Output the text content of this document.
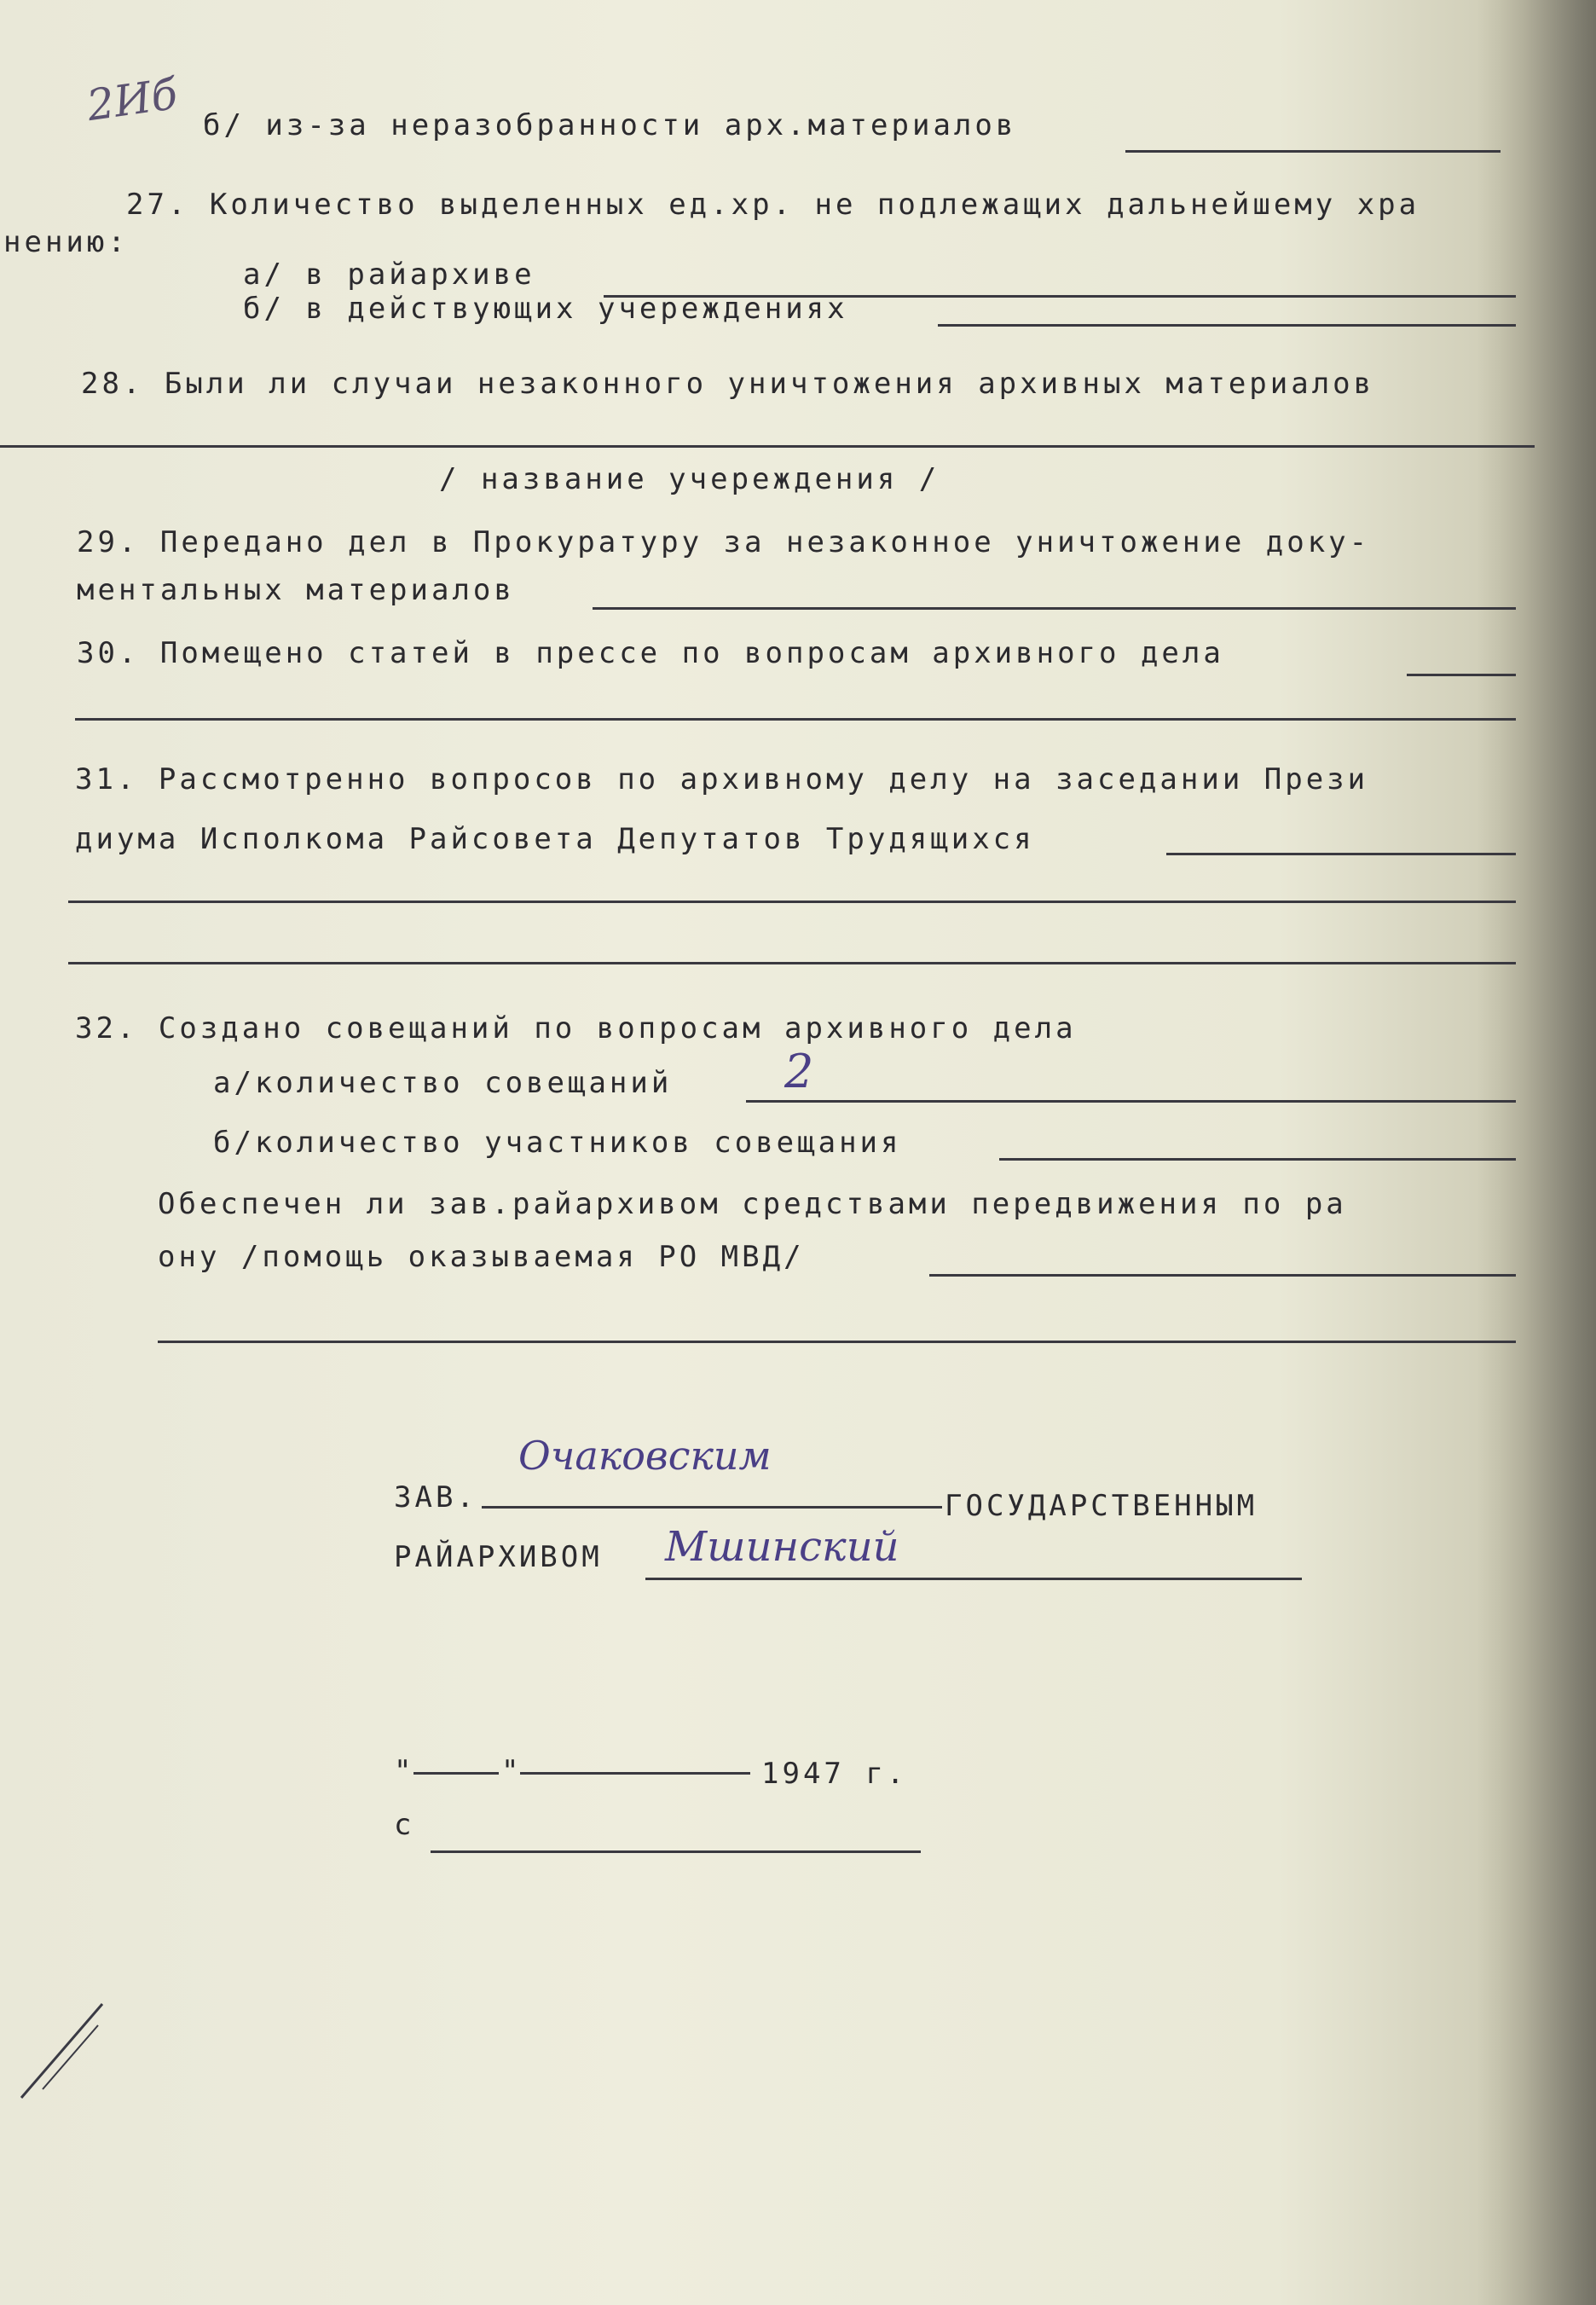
2Иб б/ из-за неразобранности арх.материалов
27. Количество выделенных ед.хр. не подлежащих дальнейшему хра
нению:
а/ в райархиве
б/ в действующих учереждениях
28. Были ли случаи незаконного уничтожения архивных материалов
/ название учереждения /
29. Передано дел в Прокуратуру за незаконное уничтожение доку-
ментальных материалов
30. Помещено статей в прессе по вопросам архивного дела
31. Рассмотренно вопросов по архивному делу на заседании Прези
диума Исполкома Райсовета Депутатов Трудящихся
32. Создано совещаний по вопросам архивного дела
а/количество совещаний 2
б/количество участников совещания
Обеспечен ли зав.райархивом средствами передвижения по ра
ону /помощь оказываемая РО МВД/
ЗАВ.
Очаковским
ГОСУДАРСТВЕННЫМ
РАЙАРХИВОМ Мшинский
"	"	1947 г.
с
